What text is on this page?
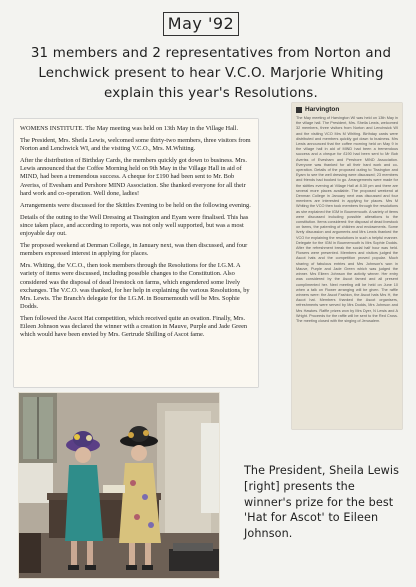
May '92
31 members and 2 representatives from Norton and Lenchwick present to hear V.C.O. Marjorie Whiting explain this year's Resolutions.

WOMENS INSTITUTE. The May meeting was held on 13th May in the Village Hall.

The President, Mrs. Sheila Lewis, welcomed some thirty-two members, three visitors from Norton and Lenchwick WI, and the visiting V.C.O., Mrs. M.Whiting.

After the distribution of Birthday Cards, the members quickly got down to business. Mrs. Lewis announced that the Coffee Morning held on 9th May in the Village Hall in aid of MIND, had been a tremendous success. A cheque for £190 had been sent to Mr. Bob Averiss, of Evesham and Pershore MIND Association. She thanked everyone for all their hard work and co-operation. Well done, ladies!

Arrangements were discussed for the Skittles Evening to be held on the following evening.

Details of the outing to the Well Dressing at Tissington and Eyam were finalised. This has since taken place, and according to reports, was not only well supported, but was a most enjoyable day out.

The proposed weekend at Denman College, in January next, was then discussed, and four members expressed interest in applying for places.

Mrs. Whiting, the V.C.O., then took members through the Resolutions for the I.G.M. A variety of items were discussed, including possible changes to the Constitution. Also considered was the disposal of dead livestock on farms, which engendered some lively exchanges. The V.C.O. was thanked, for her help in explaining the various Resolutions, by Mrs. Lewis. The Branch's delegate for the I.G.M. in Bournemouth will be Mrs. Sophie Dodds.

Then followed the Ascot Hat competition, which received quite an ovation. Finally, Mrs. Eileen Johnson was declared the winner with a creation in Mauve, Purple and Jade Green which would have been envied by Mrs. Gertrude Shilling of Ascot fame.

Harvington
The May meeting of Harvington WI was held on 13th May in the village hall. The President, Mrs. Sheila Lewis, welcomed 32 members, three visitors from Norton and Lenchwick WI and the visiting VCO Mrs M Whiting. Birthday cards were distributed and members quickly got down to business. Mrs Lewis announced that the coffee morning held on May 9 in the village hall in aid of MIND had been a tremendous success and a cheque for £190 had been sent to Mr Bob Averiss of Evesham and Pershore MIND Association. Everyone was thanked for all their hard work and co-operation. Details of the proposed outing to Tissington and Eyam to see the well dressing were discussed; 23 members and friends had booked to go. Arrangements were made for the skittles evening at Village Hall at 8.30 pm and there are several more places available. The proposed weekend at Denman College in January next was discussed and four members are interested in applying for places. Mrs M Whiting the VCO then took members through the resolutions as she explained the IGM in Bournemouth. A variety of items were discussed including possible alterations to the constitution. Items considered: the disposal of dead livestock on farms, the patenting of children and endowments. Some lively discussion and arguments and Mrs Lewis thanked the VCO for explaining the resolutions in such a helpful manner. Delegate for the IGM in Bournemouth is Mrs Sophie Dodds. After the refreshment break the social half hour was held. Flowers were presented. Members and visitors judged the Ascot hats and the competition proved popular. Much sharing of fabulous entries and Mrs Johnson's won in Mauve, Purple and Jade Green which was judged the winner. Mrs Eileen Johnson the activity winner. Her entry was considered by the Ascot famed and all present complimented her. Next meeting will be held on June 10 when a talk on Flower arranging will be given. The raffle winners were: the Ascot Fashion, the Ascot hats Mrs H, the Ascot hat. Members thanked the Ascot organisers, refreshments were served by Mrs Dodds, Mrs Johnson and Mrs Hawkes. Raffle prizes won by Mrs Dyer, N Lewis and A Wright. Proceeds for the raffle will be sent to the Red Cross. The meeting closed with the singing of Jerusalem.
The President, Sheila Lewis [right] presents the winner's prize for the best 'Hat for Ascot' to Eileen Johnson.
